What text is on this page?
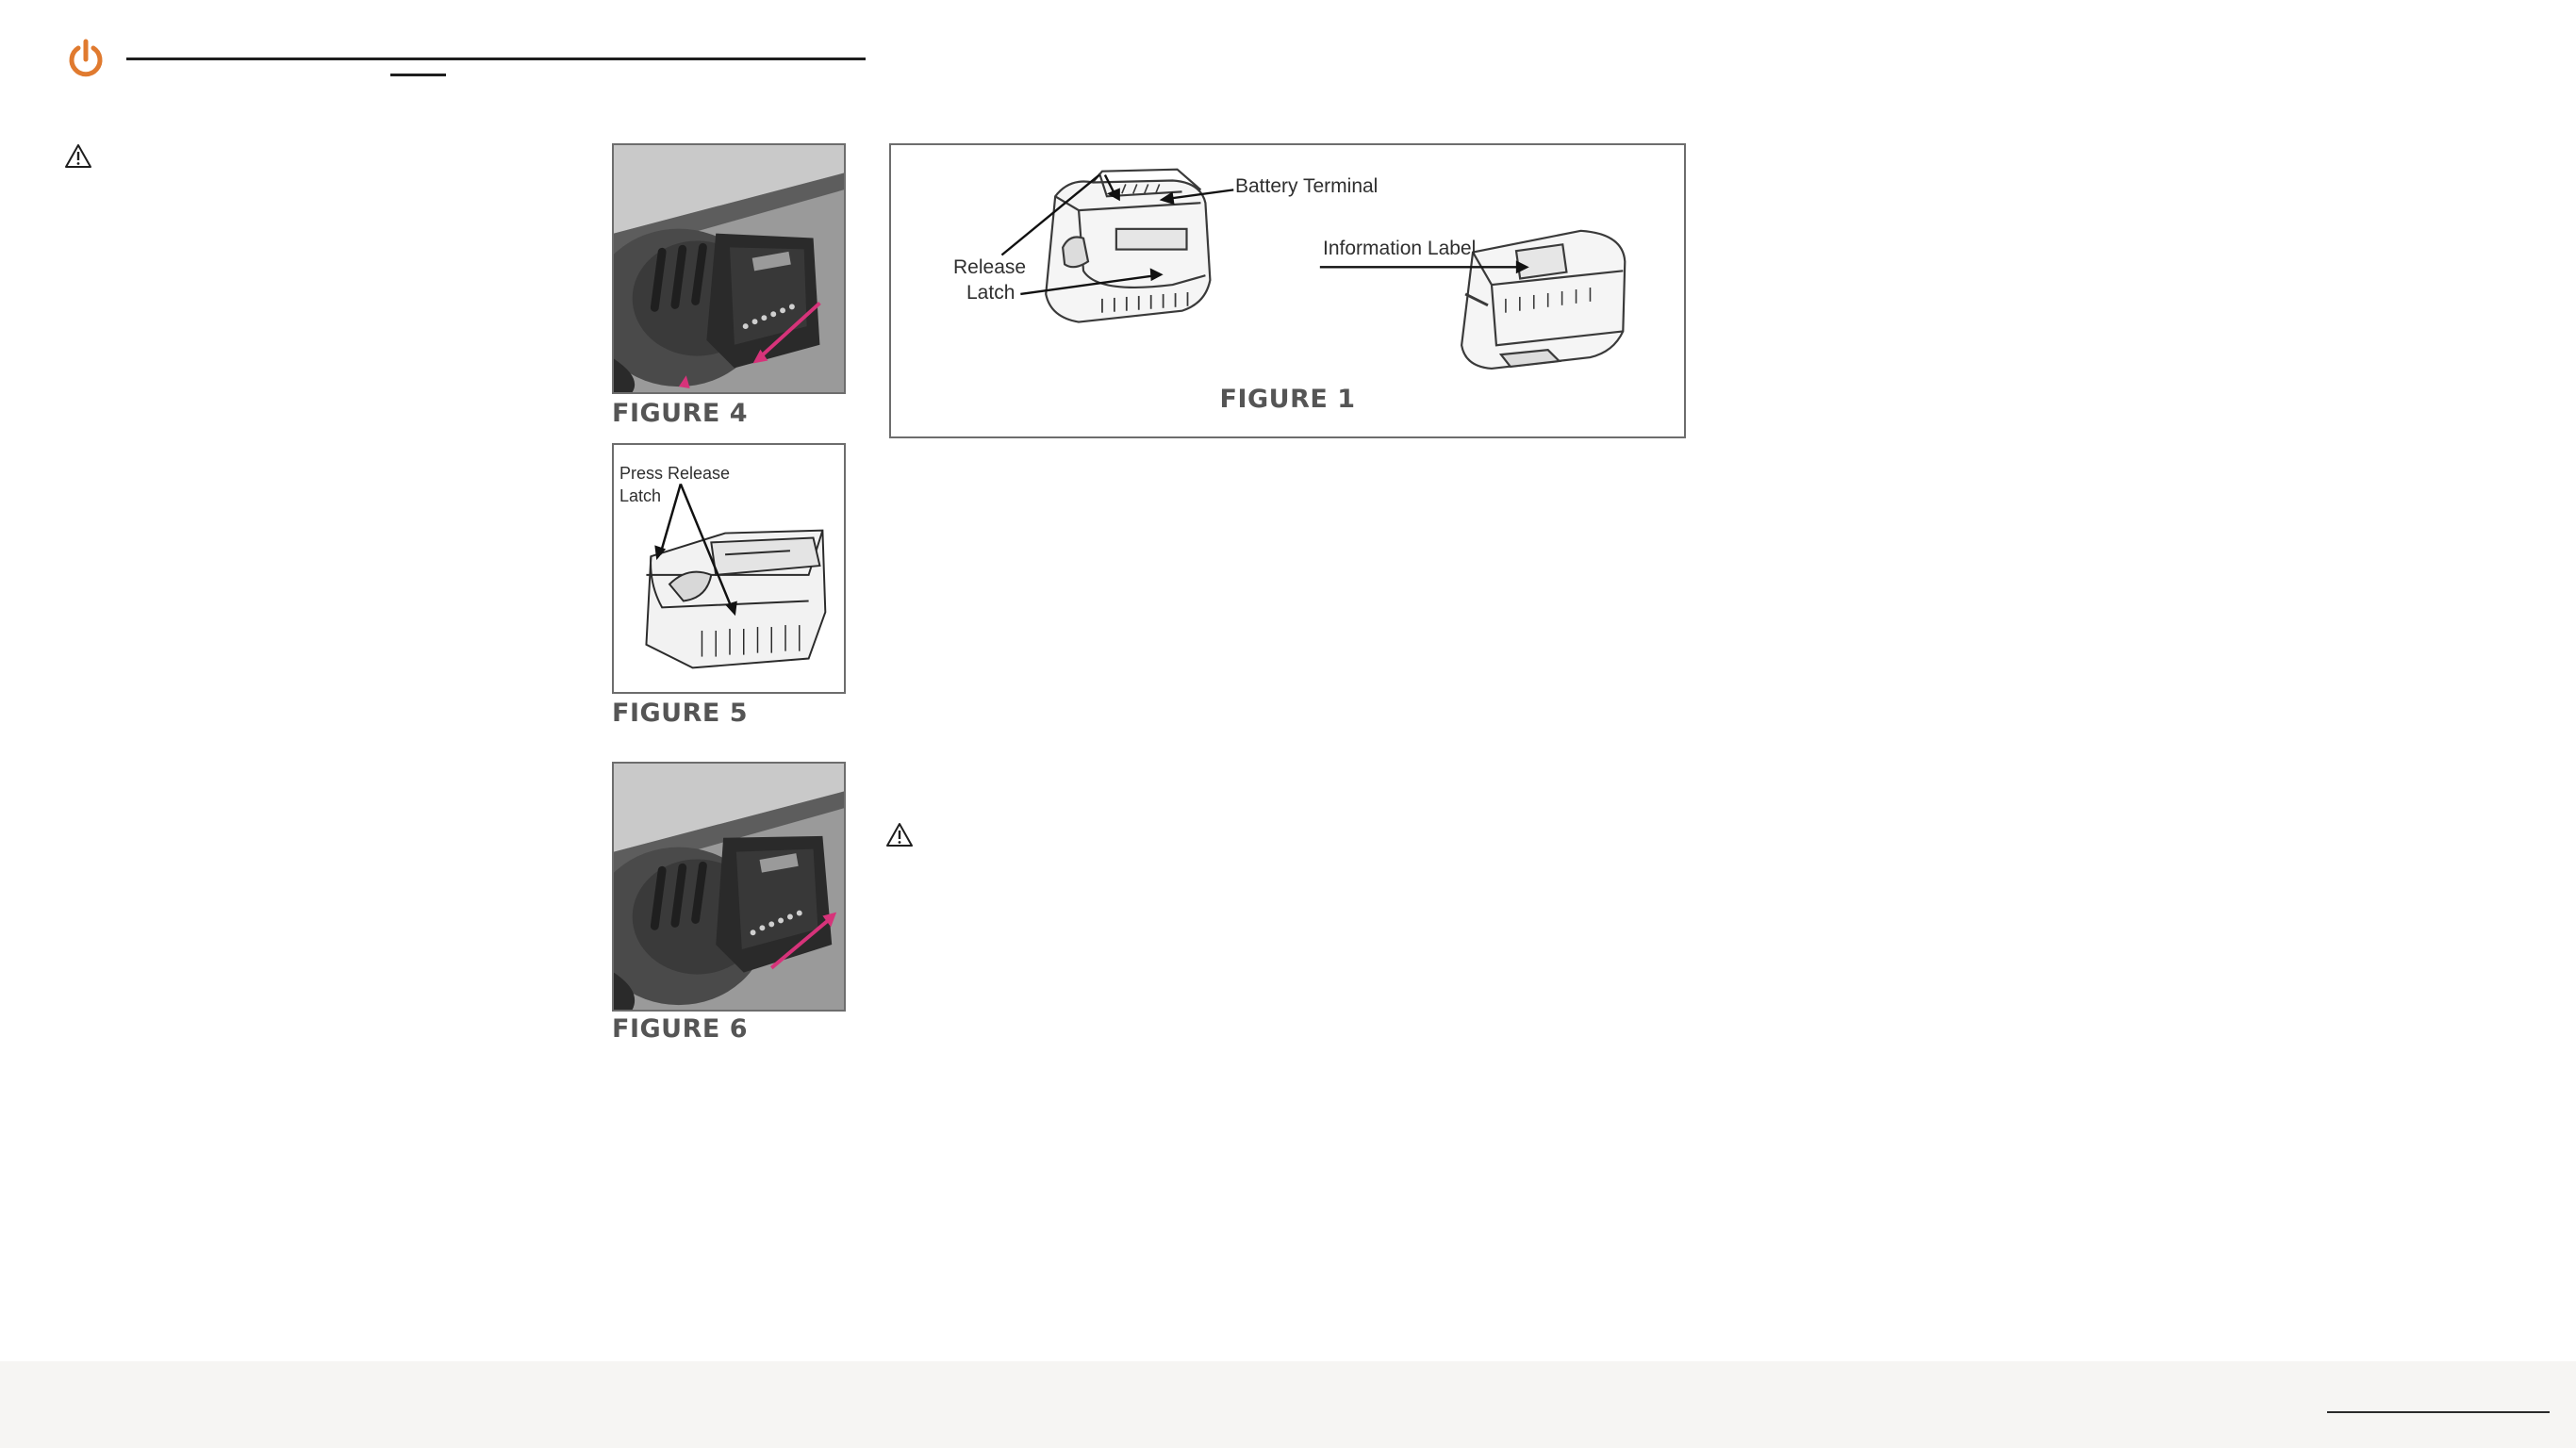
FIGURE 4
Press Release
Latch
FIGURE 5
FIGURE 6
Battery Terminal
Information Label
Release
Latch
FIGURE 1
